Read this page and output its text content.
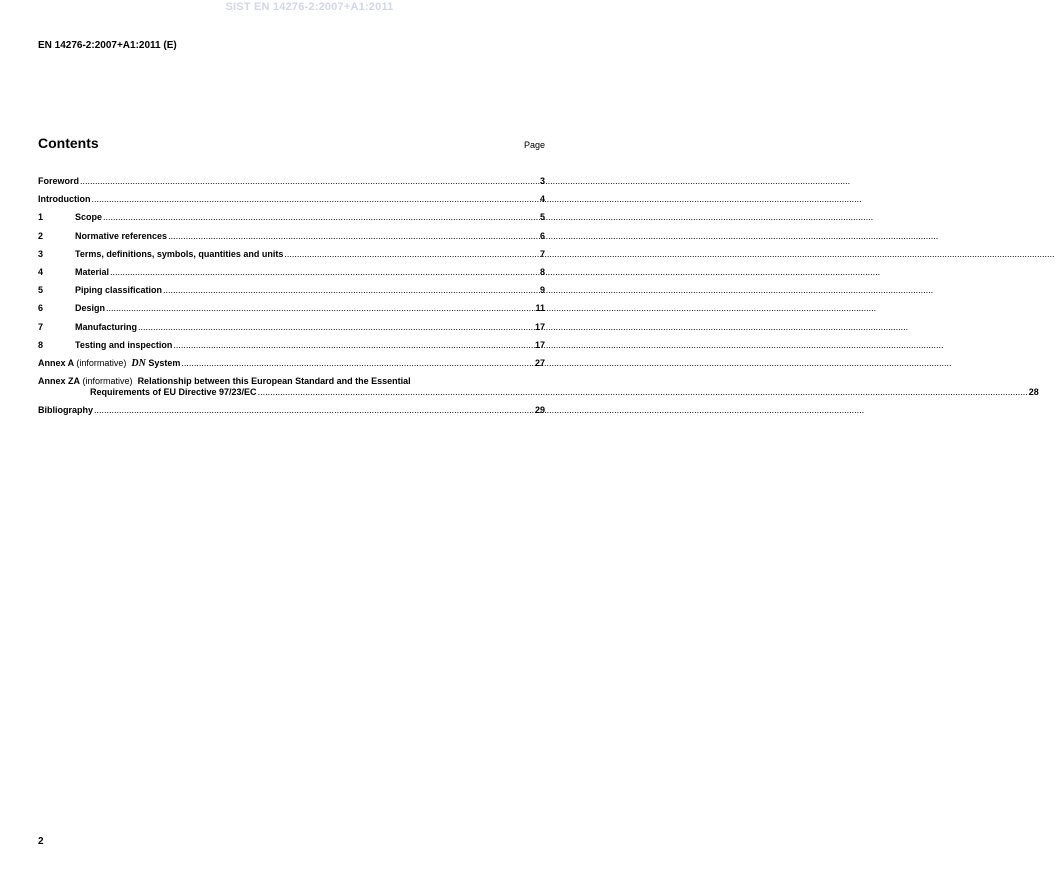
SIST EN 14276-2:2007+A1:2011
EN 14276-2:2007+A1:2011 (E)
Contents	Page
Foreword .....	3
Introduction .....	4
1	Scope .....	5
2	Normative references .....	6
3	Terms, definitions, symbols, quantities and units .....	7
4	Material .....	8
5	Piping classification .....	9
6	Design .....	11
7	Manufacturing .....	17
8	Testing and inspection .....	17
Annex A (informative) DN System .....	27
Annex ZA (informative) Relationship between this European Standard and the Essential
Requirements of EU Directive 97/23/EC .....	28
Bibliography .....	29
2
